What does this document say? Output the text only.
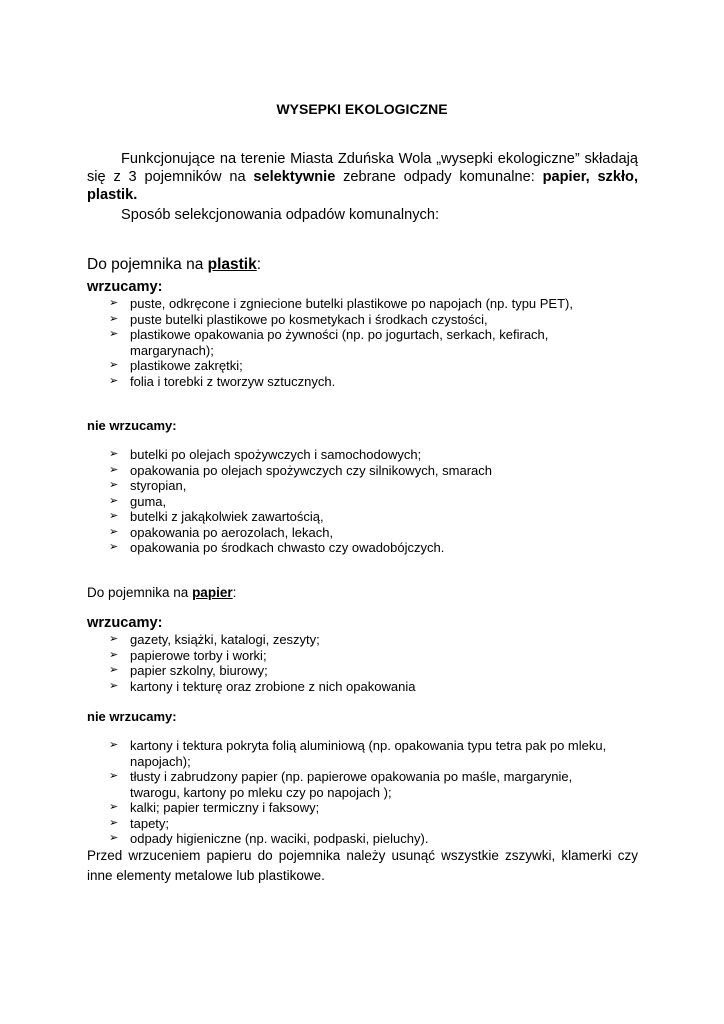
WYSEPKI EKOLOGICZNE
Funkcjonujące na terenie Miasta Zduńska Wola „wysepki ekologiczne” składają się z 3 pojemników na selektywnie zebrane odpady komunalne: papier, szkło, plastik.
Sposób selekcjonowania odpadów komunalnych:
Do pojemnika na plastik:
wrzucamy:
➢ puste, odkręcone i zgniecione butelki plastikowe po napojach (np. typu PET),
➢ puste butelki plastikowe po kosmetykach i środkach czystości,
➢ plastikowe opakowania po żywności (np. po jogurtach, serkach, kefirach, margarynach);
➢ plastikowe zakrętki;
➢ folia i torebki z tworzyw sztucznych.
nie wrzucamy:
➢ butelki po olejach spożywczych i samochodowych;
➢ opakowania po olejach spożywczych czy silnikowych, smarach
➢ styropian,
➢ guma,
➢ butelki z jakąkolwiek zawartością,
➢ opakowania po aerozolach, lekach,
➢ opakowania po środkach chwasto czy owadobójczych.
Do pojemnika na papier:
wrzucamy:
➢ gazety, książki, katalogi, zeszyty;
➢ papierowe torby i worki;
➢ papier szkolny, biurowy;
➢ kartony i tekturę oraz zrobione z nich opakowania
nie wrzucamy:
➢ kartony i tektura pokryta folią aluminiową (np. opakowania typu tetra pak po mleku, napojach);
➢ tłusty i zabrudzony papier (np. papierowe opakowania po maśle, margarynie, twarogu, kartony po mleku czy po napojach );
➢ kalki; papier termiczny i faksowy;
➢ tapety;
➢ odpady higieniczne (np. waciki, podpaski, pieluchy).
Przed wrzuceniem papieru do pojemnika należy usunąć wszystkie zszywki, klamerki czy inne elementy metalowe lub plastikowe.
